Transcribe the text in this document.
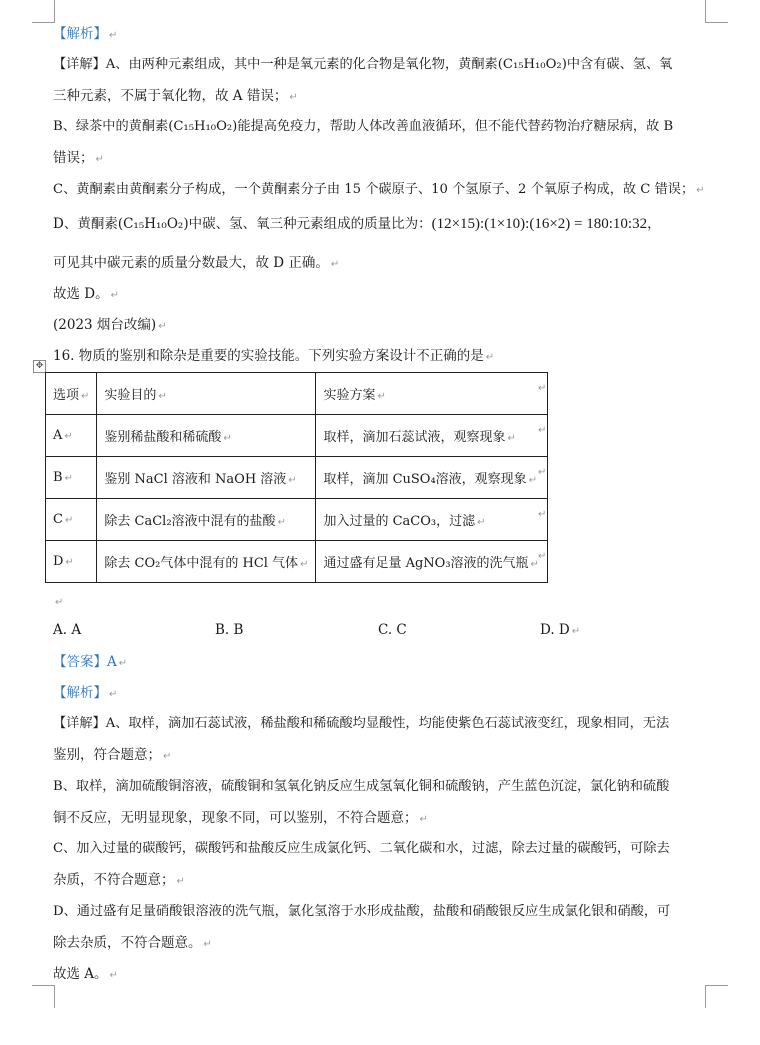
【解析】 ↵
【详解】A、由两种元素组成，其中一种是氧元素的化合物是氧化物，黄酮素(C₁₅H₁₀O₂)中含有碳、氢、氧
三种元素，不属于氧化物，故 A 错误； ↵
B、绿茶中的黄酮素(C₁₅H₁₀O₂)能提高免疫力，帮助人体改善血液循环，但不能代替药物治疗糖尿病，故 B
错误； ↵
C、黄酮素由黄酮素分子构成，一个黄酮素分子由 15 个碳原子、10 个氢原子、2 个氧原子构成，故 C 错误； ↵
D、黄酮素(C₁₅H₁₀O₂)中碳、氢、氧三种元素组成的质量比为：(12×15):(1×10):(16×2) = 180:10:32，
可见其中碳元素的质量分数最大，故 D 正确。 ↵
故选 D。 ↵
(2023 烟台改编) ↵
16. 物质的鉴别和除杂是重要的实验技能。下列实验方案设计不正确的是 ↵
✥
选项 ↵	实验目的 ↵	实验方案 ↵
A ↵	鉴别稀盐酸和稀硫酸 ↵	取样，滴加石蕊试液，观察现象 ↵
B ↵	鉴别 NaCl 溶液和 NaOH 溶液 ↵	取样，滴加 CuSO₄溶液，观察现象 ↵
C ↵	除去 CaCl₂溶液中混有的盐酸 ↵	加入过量的 CaCO₃，过滤 ↵
D ↵	除去 CO₂气体中混有的 HCl 气体 ↵	通过盛有足量 AgNO₃溶液的洗气瓶 ↵
↵
↵
↵
↵
↵
↵
A. A	B. B	C. C	D. D ↵
【答案】A ↵
【解析】 ↵
【详解】A、取样，滴加石蕊试液，稀盐酸和稀硫酸均显酸性，均能使紫色石蕊试液变红，现象相同，无法
鉴别，符合题意； ↵
B、取样，滴加硫酸铜溶液，硫酸铜和氢氧化钠反应生成氢氧化铜和硫酸钠，产生蓝色沉淀，氯化钠和硫酸
铜不反应，无明显现象，现象不同，可以鉴别，不符合题意； ↵
C、加入过量的碳酸钙，碳酸钙和盐酸反应生成氯化钙、二氧化碳和水，过滤，除去过量的碳酸钙，可除去
杂质，不符合题意； ↵
D、通过盛有足量硝酸银溶液的洗气瓶，氯化氢溶于水形成盐酸，盐酸和硝酸银反应生成氯化银和硝酸，可
除去杂质，不符合题意。 ↵
故选 A。 ↵
